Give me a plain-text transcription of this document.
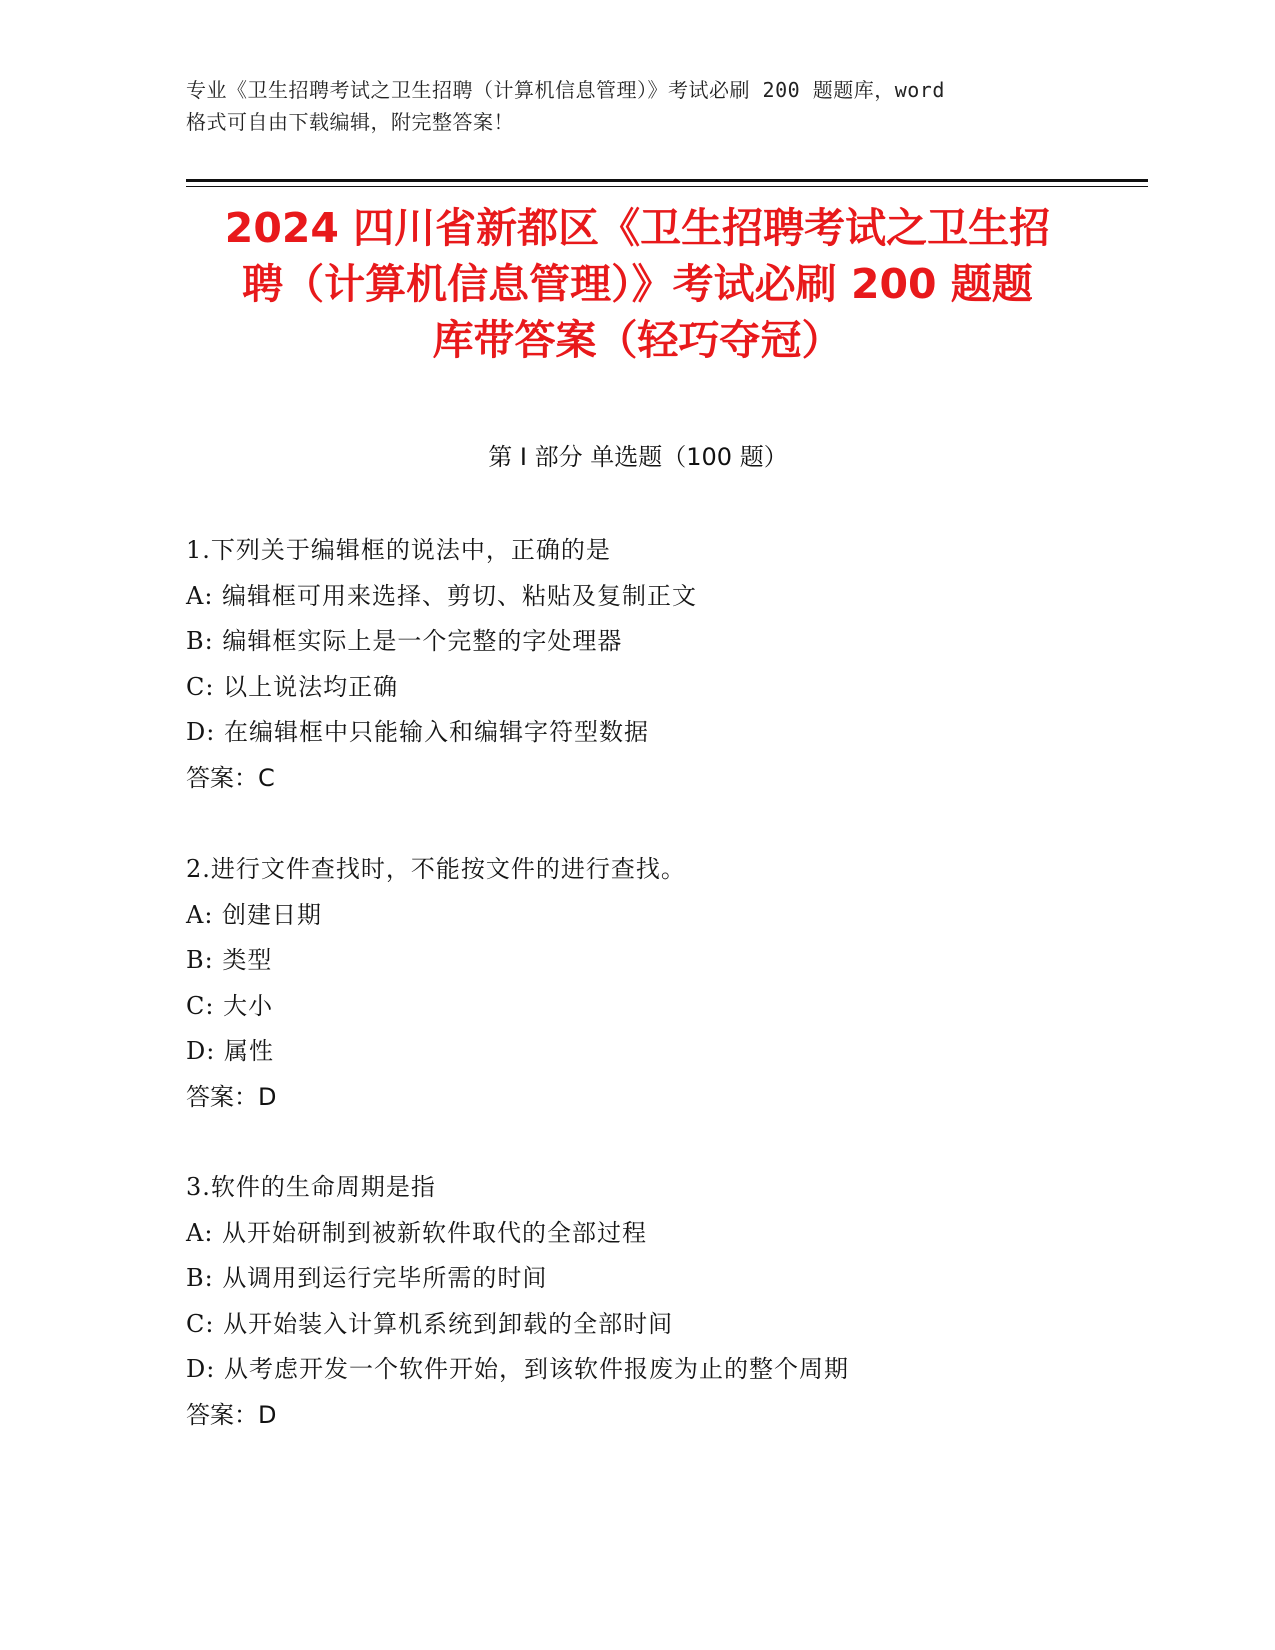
专业《卫生招聘考试之卫生招聘（计算机信息管理）》考试必刷 200 题题库，word
格式可自由下载编辑，附完整答案！
2024 四川省新都区《卫生招聘考试之卫生招
聘（计算机信息管理）》考试必刷 200 题题
库带答案（轻巧夺冠）
第 I 部分 单选题（100 题）
1.下列关于编辑框的说法中，正确的是
A: 编辑框可用来选择、剪切、粘贴及复制正文
B: 编辑框实际上是一个完整的字处理器
C: 以上说法均正确
D: 在编辑框中只能输入和编辑字符型数据
答案：C
2.进行文件查找时，不能按文件的进行查找。
A: 创建日期
B: 类型
C: 大小
D: 属性
答案：D
3.软件的生命周期是指
A: 从开始研制到被新软件取代的全部过程
B: 从调用到运行完毕所需的时间
C: 从开始装入计算机系统到卸载的全部时间
D: 从考虑开发一个软件开始，到该软件报废为止的整个周期
答案：D
